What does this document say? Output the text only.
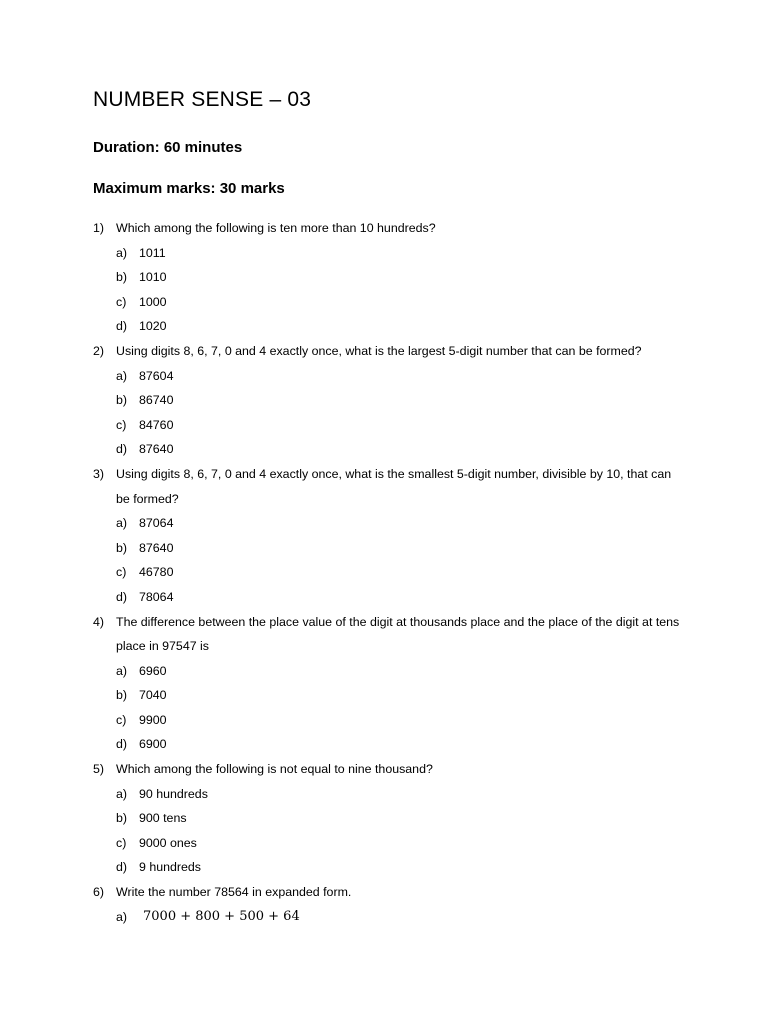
NUMBER SENSE – 03

Duration: 60 minutes

Maximum marks: 30 marks

1) Which among the following is ten more than 10 hundreds?
a) 1011
b) 1010
c)	1000
d) 1020
2) Using digits 8, 6, 7, 0 and 4 exactly once, what is the largest 5-digit number that can be formed?
a) 87604
b) 86740
c)	84760
d) 87640
3) Using digits 8, 6, 7, 0 and 4 exactly once, what is the smallest 5-digit number, divisible by 10, that can be formed?
a) 87064
b) 87640
c)	46780
d) 78064
4) The difference between the place value of the digit at thousands place and the place of the digit at tens place in 97547 is
a) 6960
b) 7040
c)	9900
d) 6900
5) Which among the following is not equal to nine thousand?
a) 90 hundreds
b) 900 tens
c)	9000 ones
d) 9 hundreds
6) Write the number 78564 in expanded form.
a)	7000 + 800 + 500 + 64
